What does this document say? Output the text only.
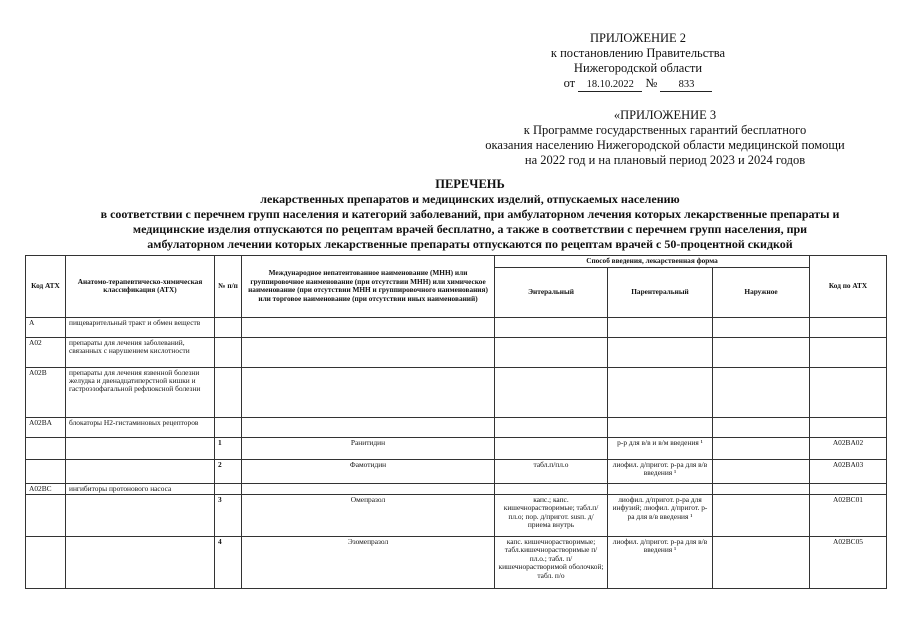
ПРИЛОЖЕНИЕ 2
к постановлению Правительства
Нижегородской области
от 18.10.2022 № 833
«ПРИЛОЖЕНИЕ 3
к Программе государственных гарантий бесплатного
оказания населению Нижегородской области медицинской помощи
на 2022 год и на плановый период 2023 и 2024 годов
ПЕРЕЧЕНЬ
лекарственных препаратов и медицинских изделий, отпускаемых населению
в соответствии с перечнем групп населения и категорий заболеваний, при амбулаторном лечения которых лекарственные препараты и
медицинские изделия отпускаются по рецептам врачей бесплатно, а также в соответствии с перечнем групп населения, при
амбулаторном лечении которых лекарственные препараты отпускаются по рецептам врачей с 50-процентной скидкой
Код АТХ	Анатомо-терапевтическо-химическая классификация (АТХ)	№ п/п	Международное непатентованное наименование (МНН) или группировочное наименование (при отсутствии МНН) или химическое наименование (при отсутствии МНН и группировочного наименования) или торговое наименование (при отсутствии иных наименований)	Способ введения, лекарственная форма			Код по АТХ
				Энтеральный	Парентеральный	Наружное	
A	пищеварительный тракт и обмен веществ						
A02	препараты для лечения заболеваний, связанных с нарушением кислотности						
A02B	препараты для лечения язвенной болезни желудка и двенадцатиперстной кишки и гастроэзофагальной рефлюксной болезни						
A02BA	блокаторы Н2-гистаминовых рецепторов						
		1	Ранитидин		р-р для в/в и в/м введения ¹		A02BA02
		2	Фамотидин	табл.п/пл.о	лиофил. д/пригот. р-ра для в/в введения ¹		A02BA03
A02BC	ингибиторы протонового насоса						
		3	Омепразол	капс.; капс. кишечнорастворимые; табл.п/пл.о; пор. д/пригот. susп. д/приема внутрь	лиофил. д/пригот. р-ра для инфузий; лиофил. д/пригот. р-ра для в/в введения ¹		A02BC01
		4	Эзомепразол	капс. кишечнорастворимые; табл.кишечнорастворимые п/пл.о.; табл. п/кишечнорастворимой оболочкой; табл. п/о	лиофил. д/пригот. р-ра для в/в введения ¹		A02BC05
